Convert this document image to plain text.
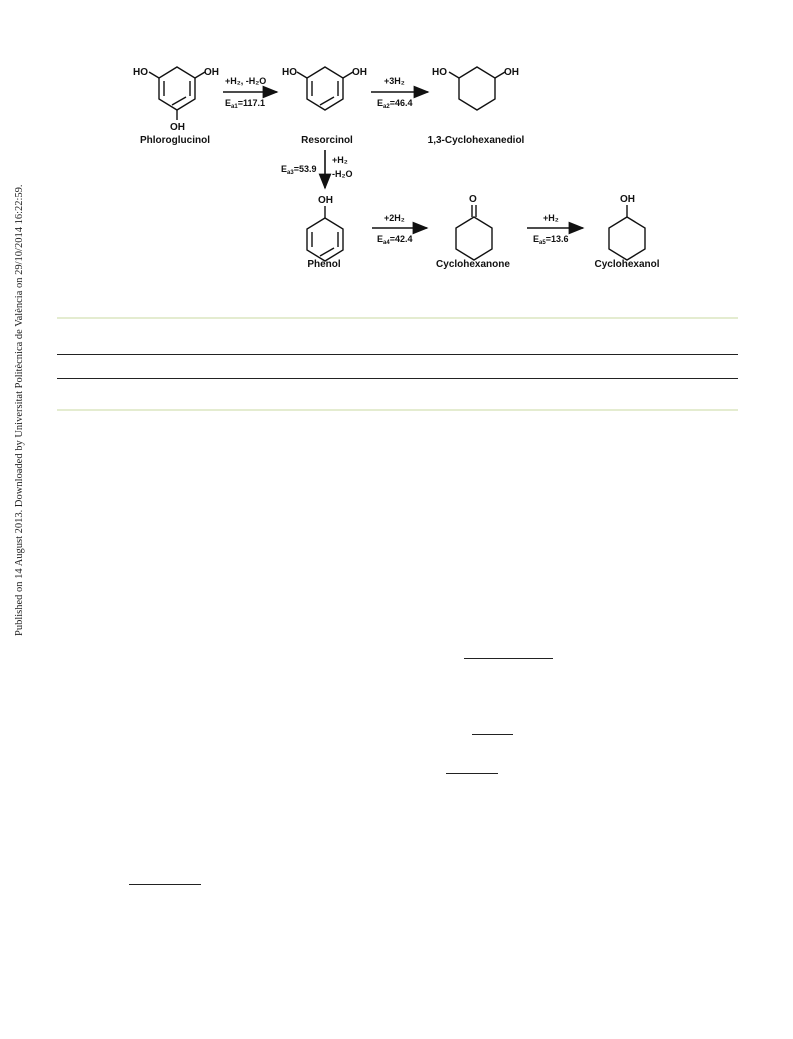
Published on 14 August 2013. Downloaded by Universitat Politècnica de València on 29/10/2014 16:22:59.
HO	OH
OH
Phloroglucinol
+H₂, -H₂O
$E_{a1}=117.1$
HO	OH
Resorcinol
+3H₂
$E_{a2}=46.4$
HO	OH
1,3-Cyclohexanediol
$E_{a3}=53.9$
+H₂
-H₂O
OH
Phenol
+2H₂
$E_{a4}=42.4$
O
Cyclohexanone
+H₂
$E_{a5}=13.6$
OH
Cyclohexanol
